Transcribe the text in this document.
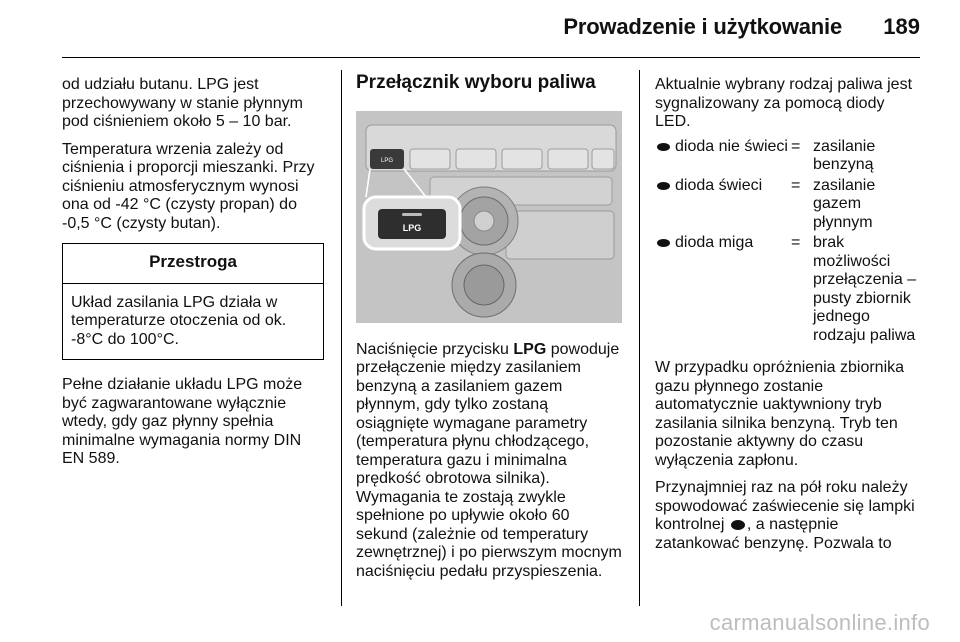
Prowadzenie i użytkowanie 189

od udziału butanu. LPG jest przechowywany w stanie płynnym pod ciśnieniem około 5 – 10 bar.

Temperatura wrzenia zależy od ciśnienia i proporcji mieszanki. Przy ciśnieniu atmosferycznym wynosi ona od -42 °C (czysty propan) do -0,5 °C (czysty butan).

Przestroga
Układ zasilania LPG działa w temperaturze otoczenia od ok. -8°C do 100°C.

Pełne działanie układu LPG może być zagwarantowane wyłącznie wtedy, gdy gaz płynny spełnia minimalne wymagania normy DIN EN 589.

Przełącznik wyboru paliwa
LPG
LPG

Naciśnięcie przycisku LPG powoduje przełączenie między zasilaniem benzyną a zasilaniem gazem płynnym, gdy tylko zostaną osiągnięte wymagane parametry (temperatura płynu chłodzącego, temperatura gazu i minimalna prędkość obrotowa silnika). Wymagania te zostają zwykle spełnione po upływie około 60 sekund (zależnie od temperatury zewnętrznej) i po pierwszym mocnym naciśnięciu pedału przyspieszenia.

Aktualnie wybrany rodzaj paliwa jest sygnalizowany za pomocą diody LED.

dioda nie świeci = zasilanie benzyną
dioda świeci = zasilanie gazem płynnym
dioda miga = brak możliwości przełączenia – pusty zbiornik jednego rodzaju paliwa

W przypadku opróżnienia zbiornika gazu płynnego zostanie automatycznie uaktywniony tryb zasilania silnika benzyną. Tryb ten pozostanie aktywny do czasu wyłączenia zapłonu.

Przynajmniej raz na pół roku należy spowodować zaświecenie się lampki kontrolnej , a następnie zatankować benzynę. Pozwala to

carmanualsonline.info
